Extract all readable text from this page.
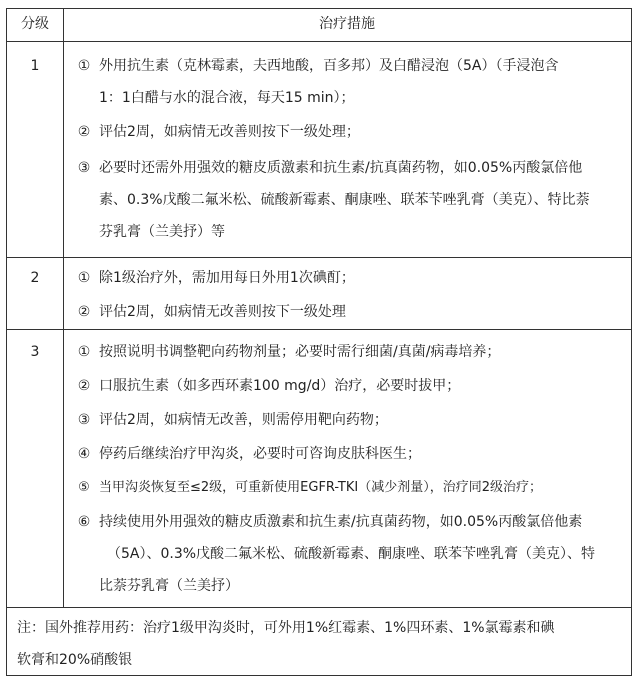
分级	治疗措施
1	① 外用抗生素（克林霉素，夫西地酸，百多邦）及白醋浸泡（5A）（手浸泡含
1：1白醋与水的混合液，每天15 min）；
② 评估2周，如病情无改善则按下一级处理；
③ 必要时还需外用强效的糖皮质激素和抗生素/抗真菌药物，如0.05%丙酸氯倍他
素、0.3%戊酸二氟米松、硫酸新霉素、酮康唑、联苯苄唑乳膏（美克）、特比萘
芬乳膏（兰美抒）等
2	① 除1级治疗外，需加用每日外用1次碘酊；
② 评估2周，如病情无改善则按下一级处理
3	① 按照说明书调整靶向药物剂量；必要时需行细菌/真菌/病毒培养；
② 口服抗生素（如多西环素100 mg/d）治疗，必要时拔甲；
③ 评估2周，如病情无改善，则需停用靶向药物；
④ 停药后继续治疗甲沟炎，必要时可咨询皮肤科医生；
⑤ 当甲沟炎恢复至≤2级，可重新使用EGFR-TKI（减少剂量），治疗同2级治疗；
⑥ 持续使用外用强效的糖皮质激素和抗生素/抗真菌药物，如0.05%丙酸氯倍他素
（5A）、0.3%戊酸二氟米松、硫酸新霉素、酮康唑、联苯苄唑乳膏（美克）、特
比萘芬乳膏（兰美抒）
注：国外推荐用药：治疗1级甲沟炎时，可外用1%红霉素、1%四环素、1%氯霉素和碘
软膏和20%硝酸银
